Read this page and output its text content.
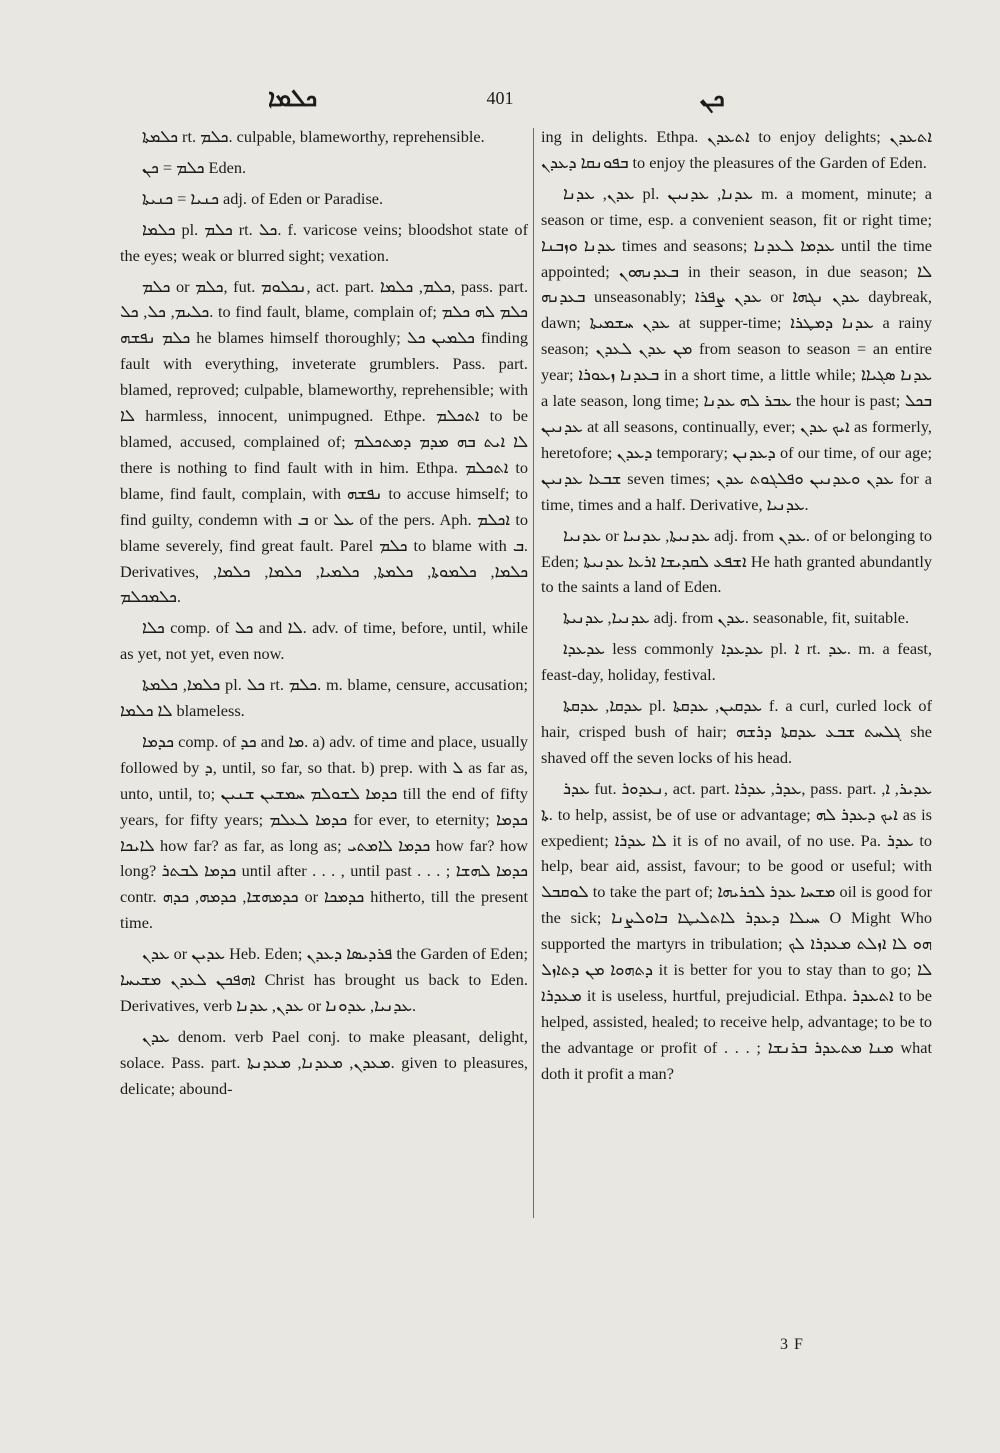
ܟܠܡܐ	401	ܟܢ

ܟܠܡܬܐ rt. ܟܠܡ. culpable, blameworthy, reprehensible.

ܟܠܡ = ܟܢ Eden.

ܟܢܝܐ = ܟܢܝܬܐ adj. of Eden or Paradise.

ܟܠܡܐ pl. ܟܠܡ rt. ܟܠ. f. varicose veins; bloodshot state of the eyes; weak or blurred sight; vexation.

ܟܠܡ or ܟܠܡ, fut. ܢܟܠܘܡ, act. part. ܟܠܡ, ܟܠܡܐ, pass. part. ܟܠܝܡ, ܟܠ, ܟܠ. to find fault, blame, complain of; ܟܠܡ ܠܗ ܟܠܡ ܟܠܡ ܢܦܫܗ he blames himself thoroughly; ܟܠܡܝܢ ܟܠ finding fault with everything, inveterate grumblers. Pass. part. blamed, reproved; culpable, blameworthy, reprehensible; with ܠܐ harmless, innocent, unimpugned. Ethpe. ܐܬܟܠܡ to be blamed, accused, complained of; ܠܐ ܐܝܬ ܒܗ ܡܕܡ ܕܡܬܟܠܡ there is nothing to find fault with in him. Ethpa. ܐܬܟܠܡ to blame, find fault, complain, with ܢܦܫܗ to accuse himself; to find guilty, condemn with ܒ or ܥܠ of the pers. Aph. ܐܟܠܡ to blame severely, find great fault. Parel ܟܠܡ to blame with ܒ. Derivatives, ܟܠܡܐ, ܟܠܡܘܬܐ, ܟܠܡܬܐ, ܟܠܡܝܐ, ܟܠܡܐ, ܟܠܡܐ, ܟܠܡܟܠܡ.

ܟܠܐ comp. of ܟܠ and ܠܐ. adv. of time, before, until, while as yet, not yet, even now.

ܟܠܡܐ, ܟܠܡܬܐ pl. ܟܠ rt. ܟܠܡ. m. blame, censure, accusation; ܠܐ ܟܠܡܐ blameless.

ܟܕܡܐ comp. of ܟܕ and ܡܐ. a) adv. of time and place, usually followed by ܕ, until, so far, so that. b) prep. with ܠ as far as, unto, until, to; ܟܕܡܐ ܠܫܘܠܡ ܚܡܫܝܢ ܫܢܝܢ till the end of fifty years, for fifty years; ܟܕܡܐ ܠܥܠܡ for ever, to eternity; ܟܕܡܐ ܠܐܝܟܐ how far? as far, as long as; ܟܕܡܐ ܠܐܡܬܝ how far? how long? ܟܕܡܐ ܠܒܬܪ until after . . . , until past . . . ; ܟܕܡܐ ܠܗܫܐ contr. ܟܕܡܗܫܐ, ܟܕܡܗ, ܟܕܗ or ܟܕܡܟܐ hitherto, till the present time.

ܥܕܢ or ܥܕܝܢ Heb. Eden; ܦܪܕܝܣܐ ܕܥܕܢ the Garden of Eden; ܐܗܦܟܢ ܠܥܕܢ ܡܫܝܚܐ Christ has brought us back to Eden. Derivatives, verb ܥܕܢ, ܥܕܢܐ or ܥܕܢܝܐ, ܥܕܘܢܐ.

ܥܕܢ denom. verb Pael conj. to make pleasant, delight, solace. Pass. part. ܡܥܕܢ, ܡܥܕܢܐ, ܡܥܕܢܬܐ. given to pleasures, delicate; abound-

ing in delights. Ethpa. ܐܬܥܕܢ to enjoy delights; ܐܬܥܕܢ ܒܦܘܢܩܐ ܕܥܕܢ to enjoy the pleasures of the Garden of Eden.

ܥܕܢ, ܥܕܢܐ pl. ܥܕܢܐ, ܥܕܢܝܢ m. a moment, minute; a season or time, esp. a convenient season, fit or right time; ܥܕܢܐ ܘܙܒܢܐ times and seasons; ܥܕܡܐ ܠܥܕܢܐ until the time appointed; ܒܥܕܢܗܘܢ in their season, in due season; ܠܐ ܒܥܕܢܗ unseasonably; ܥܕܢ ܨܦܪܐ or ܥܕܢ ܢܓܗܐ daybreak, dawn; ܥܕܢ ܚܫܡܝܬܐ at supper-time; ܥܕܢܐ ܕܡܛܪܐ a rainy season; ܡܢ ܥܕܢ ܠܥܕܢ from season to season = an entire year; ܒܥܕܢܐ ܙܥܘܪܐ in a short time, a little while; ܥܕܢܐ ܣܓܝܐܐ a late season, long time; ܥܒܪ ܠܗ ܥܕܢܐ the hour is past; ܒܟܠ ܥܕܢܝܢ at all seasons, continually, ever; ܐܝܟ ܥܕܢ as formerly, heretofore; ܕܥܕܢ temporary; ܕܥܕܢܢ of our time, of our age; ܫܒܥܐ ܥܕܢܝܢ seven times; ܥܕܢ ܘܥܕܢܝܢ ܘܦܠܓܘܬ ܥܕܢ for a time, times and a half. Derivative, ܥܕܢܝܐ.

ܥܕܢܝܐ or ܥܕܢܝܬܐ, ܥܕܢܝܐ adj. from ܥܕܢ. of or belonging to Eden; ܐܫܦܥ ܠܩܕܝܫܐ ܐܪܥܐ ܥܕܢܝܬܐ He hath granted abundantly to the saints a land of Eden.

ܥܕܢܝܐ, ܥܕܢܝܬܐ adj. from ܥܕܢ. seasonable, fit, suitable.

ܥܕܥܕܐ less commonly ܥܕܥܕܐ pl. ܐ rt. ܥܕ. m. a feast, feast-day, holiday, festival.

ܥܕܩܐ, ܥܕܩܬܐ pl. ܥܕܩܝܢ, ܥܕܩܬܐ f. a curl, curled lock of hair, crisped bush of hair; ܓܠܚܬ ܫܒܥ ܥܕܩܬܐ ܕܪܫܗ she shaved off the seven locks of his head.

ܥܕܪ fut. ܢܥܕܘܪ, act. part. ܥܕܪ, ܥܕܪܐ, pass. part. ܥܕܝܪ, ܐ, ܬܐ. to help, assist, be of use or advantage; ܐܝܟ ܕܥܕܪ ܠܗ as is expedient; ܠܐ ܥܕܪܐ it is of no avail, of no use. Pa. ܥܕܪ to help, bear aid, assist, favour; to be good or useful; with ܠܘܩܒܠ to take the part of; ܡܫܚܐ ܥܕܪ ܠܟܪܝܗܐ oil is good for the sick; ܚܝܠܐ ܕܥܕܪ ܠܐܬܠܝܛܐ ܒܐܘܠܨܢܐ O Might Who supported the martyrs in tribulation; ܗܘ ܠܐ ܐܙܠܬ ܡܥܕܪܐ ܠܟ ܕܬܗܘܐ ܡܢ ܕܬܐܙܠ it is better for you to stay than to go; ܠܐ ܡܥܕܪܐ it is useless, hurtful, prejudicial. Ethpa. ܐܬܥܕܪ to be helped, assisted, healed; to receive help, advantage; to be to the advantage or profit of . . . ; ܡܢܐ ܡܬܥܕܪ ܒܪܢܫܐ what doth it profit a man?

3 F
